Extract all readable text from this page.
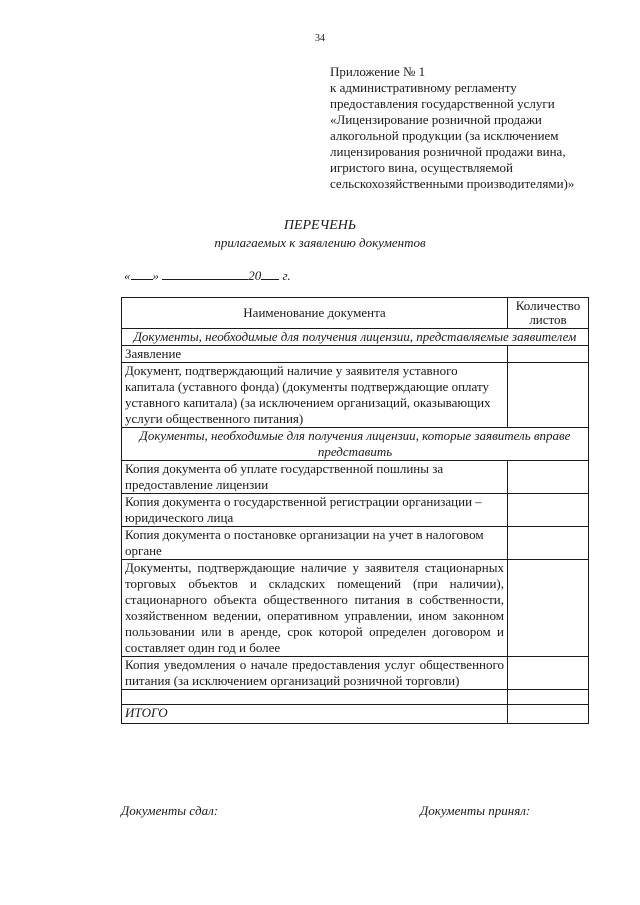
34
Приложение № 1
к административному регламенту
предоставления государственной услуги
«Лицензирование розничной продажи
алкогольной продукции (за исключением
лицензирования розничной продажи вина,
игристого вина, осуществляемой
сельскохозяйственными производителями)»
ПЕРЕЧЕНЬ
прилагаемых к заявлению документов
« »	20 г.
Наименование документа	Количество листов
Документы, необходимые для получения лицензии, представляемые заявителем	
Заявление	
Документ, подтверждающий наличие у заявителя уставного капитала (уставного фонда) (документы подтверждающие оплату уставного капитала) (за исключением организаций, оказывающих услуги общественного питания)	
Документы, необходимые для получения лицензии, которые заявитель вправе представить	
Копия документа об уплате государственной пошлины за предоставление лицензии	
Копия документа о государственной регистрации организации – юридического лица	
Копия документа о постановке организации на учет в налоговом органе	
Документы, подтверждающие наличие у заявителя стационарных торговых объектов и складских помещений (при наличии), стационарного объекта общественного питания в собственности, хозяйственном ведении, оперативном управлении, ином законном пользовании или в аренде, срок которой определен договором и составляет один год и более	
Копия уведомления о начале предоставления услуг общественного питания (за исключением организаций розничной торговли)	

ИТОГО	
Документы сдал:	Документы принял:
